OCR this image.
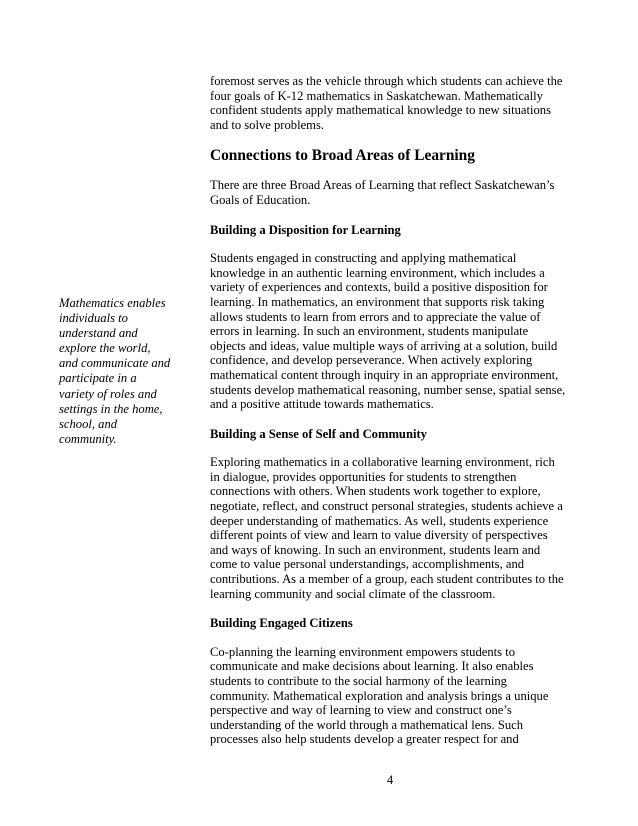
Mathematics enables individuals to understand and explore the world, and communicate and participate in a variety of roles and settings in the home, school, and community.

foremost serves as the vehicle through which students can achieve the four goals of K-12 mathematics in Saskatchewan. Mathematically confident students apply mathematical knowledge to new situations and to solve problems.

Connections to Broad Areas of Learning

There are three Broad Areas of Learning that reflect Saskatchewan’s Goals of Education.

Building a Disposition for Learning

Students engaged in constructing and applying mathematical knowledge in an authentic learning environment, which includes a variety of experiences and contexts, build a positive disposition for learning. In mathematics, an environment that supports risk taking allows students to learn from errors and to appreciate the value of errors in learning. In such an environment, students manipulate objects and ideas, value multiple ways of arriving at a solution, build confidence, and develop perseverance. When actively exploring mathematical content through inquiry in an appropriate environment, students develop mathematical reasoning, number sense, spatial sense, and a positive attitude towards mathematics.

Building a Sense of Self and Community

Exploring mathematics in a collaborative learning environment, rich in dialogue, provides opportunities for students to strengthen connections with others. When students work together to explore, negotiate, reflect, and construct personal strategies, students achieve a deeper understanding of mathematics. As well, students experience different points of view and learn to value diversity of perspectives and ways of knowing. In such an environment, students learn and come to value personal understandings, accomplishments, and contributions. As a member of a group, each student contributes to the learning community and social climate of the classroom.

Building Engaged Citizens

Co-planning the learning environment empowers students to communicate and make decisions about learning. It also enables students to contribute to the social harmony of the learning community. Mathematical exploration and analysis brings a unique perspective and way of learning to view and construct one’s understanding of the world through a mathematical lens. Such processes also help students develop a greater respect for and

4
